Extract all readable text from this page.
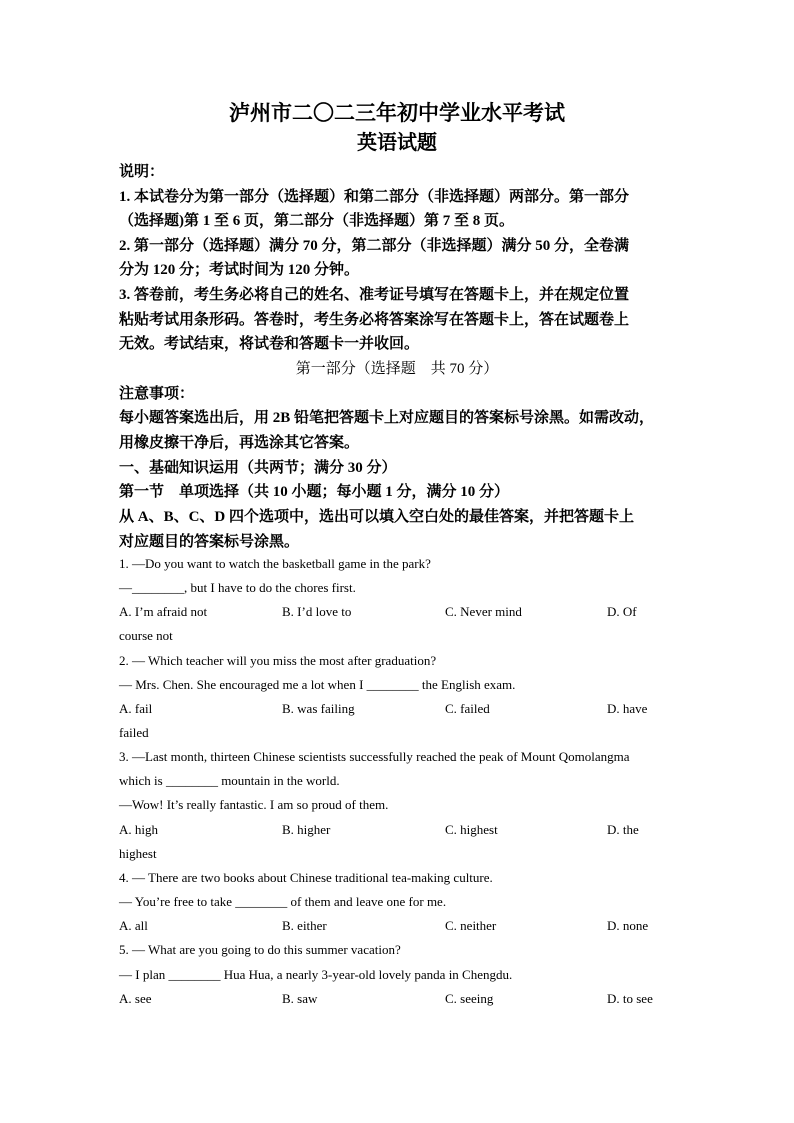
泸州市二〇二三年初中学业水平考试
英语试题
说明：
1. 本试卷分为第一部分（选择题）和第二部分（非选择题）两部分。第一部分
（选择题)第 1 至 6 页，第二部分（非选择题）第 7 至 8 页。
2. 第一部分（选择题）满分 70 分，第二部分（非选择题）满分 50 分，全卷满
分为 120 分；考试时间为 120 分钟。
3. 答卷前，考生务必将自己的姓名、准考证号填写在答题卡上，并在规定位置
粘贴考试用条形码。答卷时，考生务必将答案涂写在答题卡上，答在试题卷上
无效。考试结束，将试卷和答题卡一并收回。
第一部分（选择题　共 70 分）
注意事项：
每小题答案选出后，用 2B 铅笔把答题卡上对应题目的答案标号涂黑。如需改动，
用橡皮擦干净后，再选涂其它答案。
一、基础知识运用（共两节；满分 30 分）
第一节　单项选择（共 10 小题；每小题 1 分，满分 10 分）
从 A、B、C、D 四个选项中，选出可以填入空白处的最佳答案，并把答题卡上
对应题目的答案标号涂黑。
1. —Do you want to watch the basketball game in the park?
—________, but I have to do the chores first.
A. I’m afraid not	B. I’d love to	C. Never mind	D. Of
course not
2. — Which teacher will you miss the most after graduation?
— Mrs. Chen. She encouraged me a lot when I ________ the English exam.
A. fail	B. was failing	C. failed	D. have
failed
3. —Last month, thirteen Chinese scientists successfully reached the peak of Mount Qomolangma
which is ________ mountain in the world.
—Wow! It’s really fantastic. I am so proud of them.
A. high	B. higher	C. highest	D. the
highest
4. — There are two books about Chinese traditional tea-making culture.
— You’re free to take ________ of them and leave one for me.
A. all	B. either	C. neither	D. none
5. — What are you going to do this summer vacation?
— I plan ________ Hua Hua, a nearly 3-year-old lovely panda in Chengdu.
A. see	B. saw	C. seeing	D. to see
